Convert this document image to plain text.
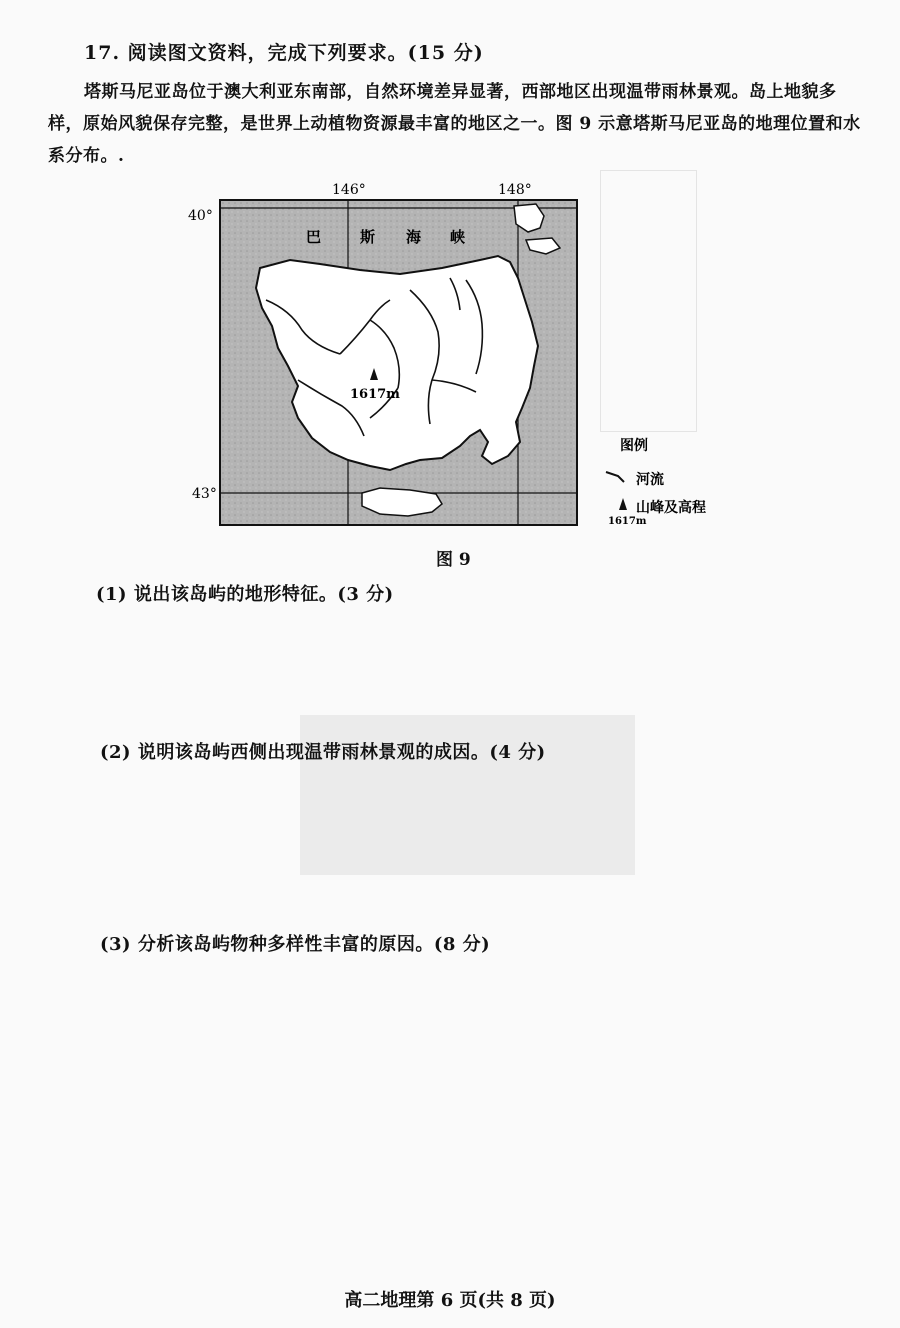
17. 阅读图文资料，完成下列要求。(15 分)
塔斯马尼亚岛位于澳大利亚东南部，自然环境差异显著，西部地区出现温带雨林景观。岛上地貌多样，原始风貌保存完整，是世界上动植物资源最丰富的地区之一。图 9 示意塔斯马尼亚岛的地理位置和水系分布。.
巴	斯 海 峡
1617m
146°	148°
40°
43°
图例
河流
山峰及高程
1617m
图 9
(1) 说出该岛屿的地形特征。(3 分)
(2) 说明该岛屿西侧出现温带雨林景观的成因。(4 分)
(3) 分析该岛屿物种多样性丰富的原因。(8 分)
高二地理第 6 页(共 8 页)
